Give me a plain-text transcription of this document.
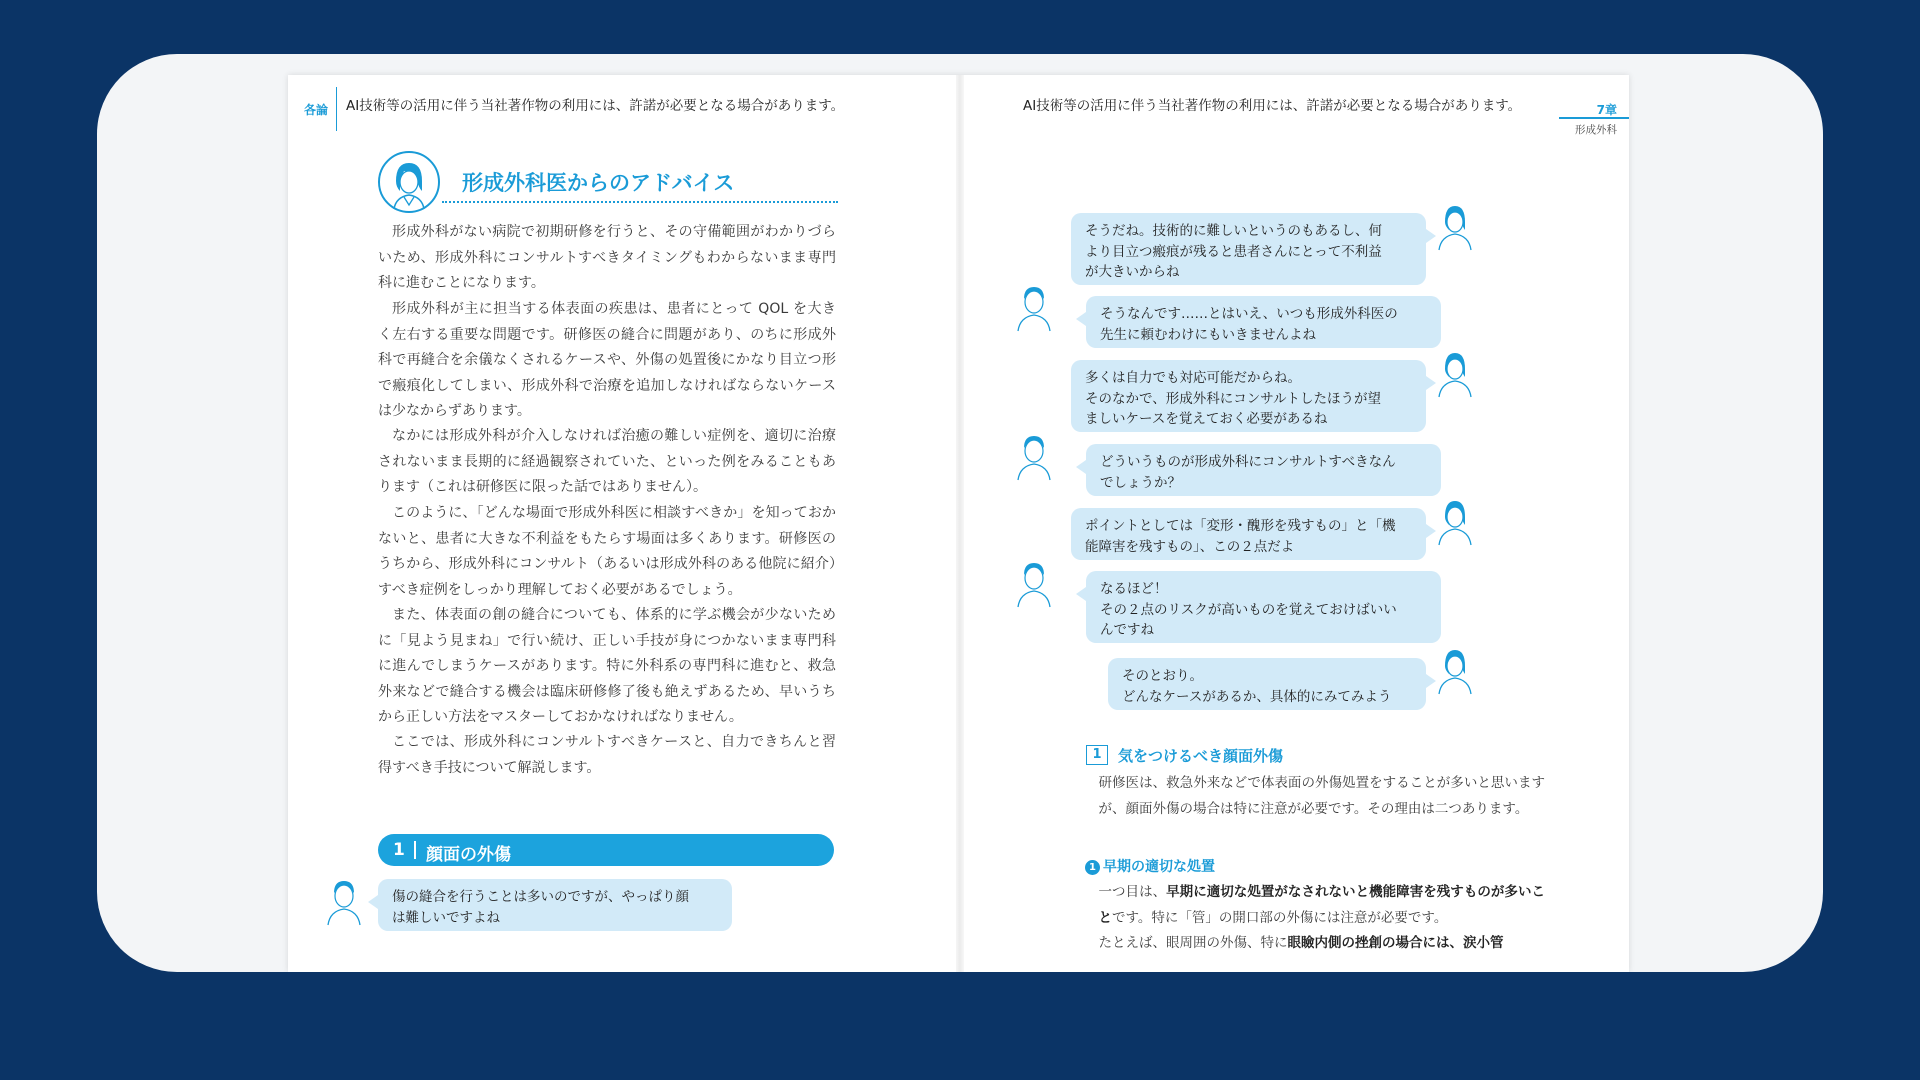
各論 AI技術等の活用に伴う当社著作物の利用には、許諾が必要となる場合があります。	AI技術等の活用に伴う当社著作物の利用には、許諾が必要となる場合があります。	7章
形成外科
形成外科医からのアドバイス
形成外科がない病院で初期研修を行うと、その守備範囲がわかりづらいため、形成外科にコンサルトすべきタイミングもわからないまま専門科に進むことになります。
形成外科が主に担当する体表面の疾患は、患者にとって QOL を大きく左右する重要な問題です。研修医の縫合に問題があり、のちに形成外科で再縫合を余儀なくされるケースや、外傷の処置後にかなり目立つ形で瘢痕化してしまい、形成外科で治療を追加しなければならないケースは少なからずあります。
なかには形成外科が介入しなければ治癒の難しい症例を、適切に治療されないまま長期的に経過観察されていた、といった例をみることもあります（これは研修医に限った話ではありません）。
このように、「どんな場面で形成外科医に相談すべきか」を知っておかないと、患者に大きな不利益をもたらす場面は多くあります。研修医のうちから、形成外科にコンサルト（あるいは形成外科のある他院に紹介）すべき症例をしっかり理解しておく必要があるでしょう。
また、体表面の創の縫合についても、体系的に学ぶ機会が少ないために「見よう見まね」で行い続け、正しい手技が身につかないまま専門科に進んでしまうケースがあります。特に外科系の専門科に進むと、救急外来などで縫合する機会は臨床研修修了後も絶えずあるため、早いうちから正しい方法をマスターしておかなければなりません。
ここでは、形成外科にコンサルトすべきケースと、自力できちんと習得すべき手技について解説します。
1 顔面の外傷
傷の縫合を行うことは多いのですが、やっぱり顔
は難しいですよね
そうだね。技術的に難しいというのもあるし、何
より目立つ瘢痕が残ると患者さんにとって不利益
が大きいからね
そうなんです……とはいえ、いつも形成外科医の
先生に頼むわけにもいきませんよね
多くは自力でも対応可能だからね。
そのなかで、形成外科にコンサルトしたほうが望
ましいケースを覚えておく必要があるね
どういうものが形成外科にコンサルトすべきなん
でしょうか？
ポイントとしては「変形・醜形を残すもの」と「機
能障害を残すもの」、この２点だよ
なるほど！
その２点のリスクが高いものを覚えておけばいい
んですね
そのとおり。
どんなケースがあるか、具体的にみてみよう
1	気をつけるべき顔面外傷
研修医は、救急外来などで体表面の外傷処置をすることが多いと思いますが、顔面外傷の場合は特に注意が必要です。その理由は二つあります。
1 早期の適切な処置
一つ目は、早期に適切な処置がなされないと機能障害を残すものが多いことです。特に「管」の開口部の外傷には注意が必要です。
たとえば、眼周囲の外傷、特に眼瞼内側の挫創の場合には、涙小管
